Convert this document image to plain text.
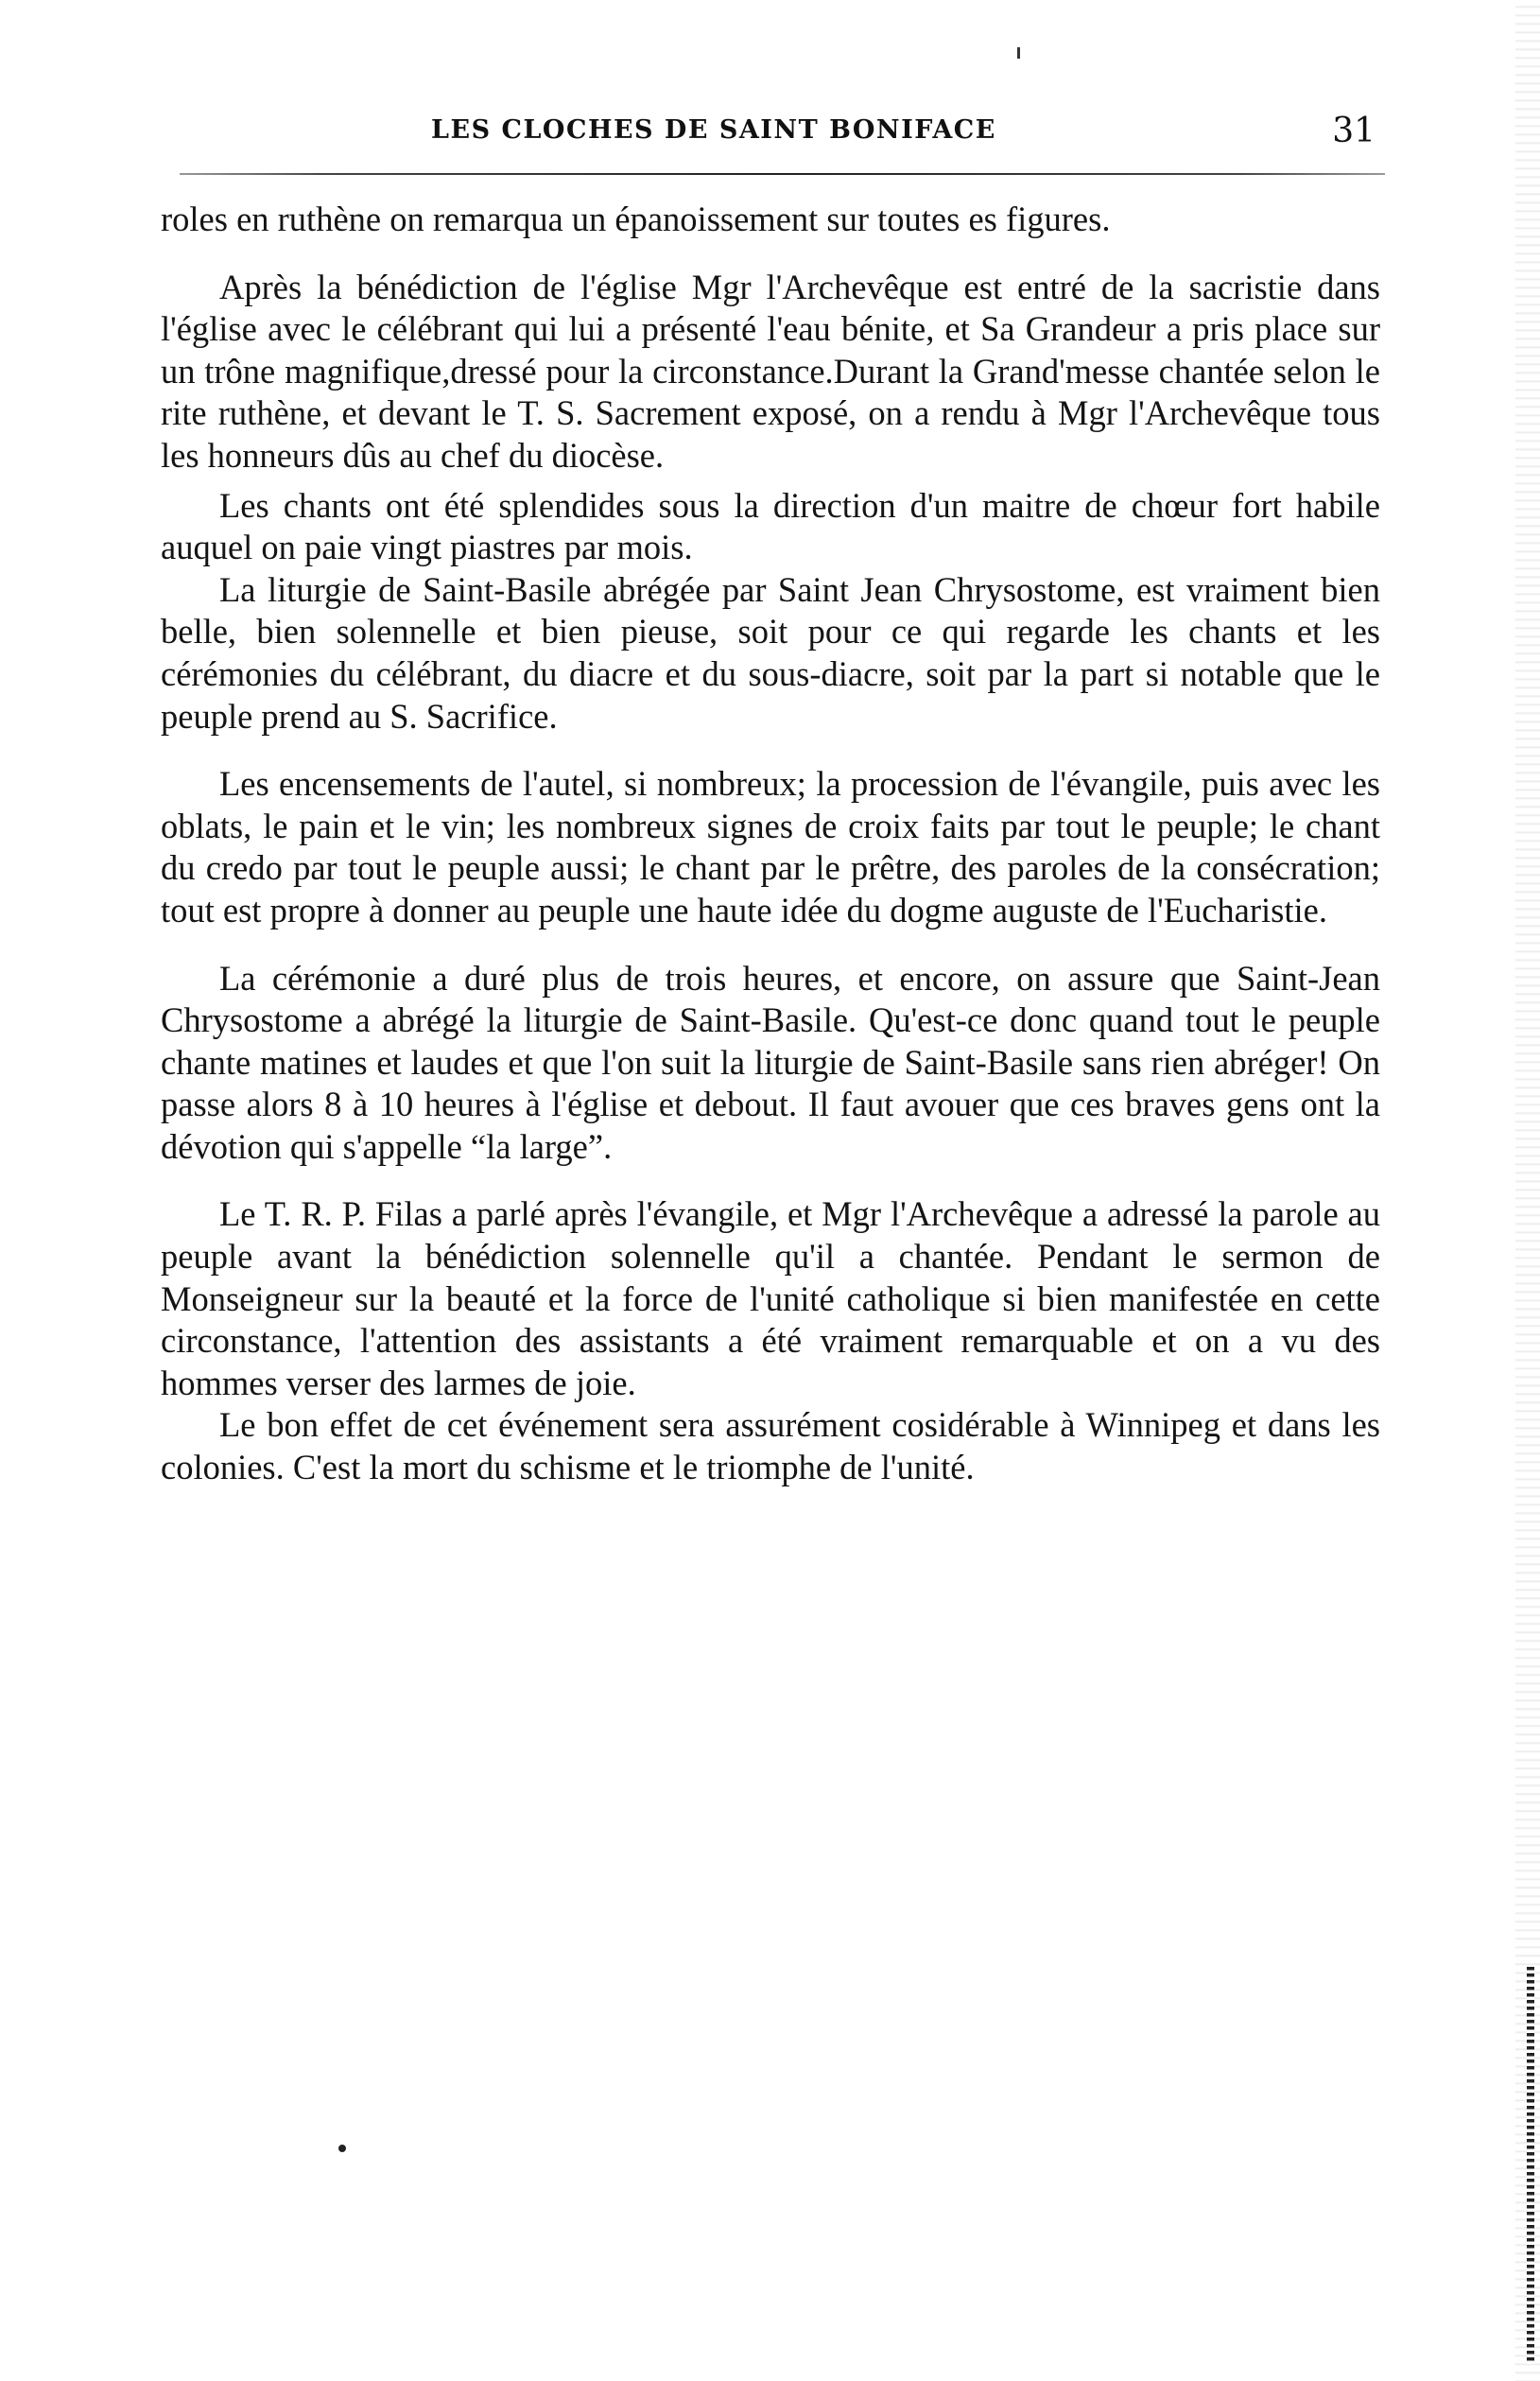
LES CLOCHES DE SAINT BONIFACE	31

roles en ruthène on remarqua un épanoissement sur toutes es figures.

Après la bénédiction de l'église Mgr l'Archevêque est entré de la sacristie dans l'église avec le célébrant qui lui a présenté l'eau bénite, et Sa Grandeur a pris place sur un trône magnifique,dressé pour la circonstance.Durant la Grand'messe chantée selon le rite ruthène, et devant le T. S. Sacrement exposé, on a rendu à Mgr l'Archevêque tous les honneurs dûs au chef du diocèse.

Les chants ont été splendides sous la direction d'un maitre de chœur fort habile auquel on paie vingt piastres par mois.

La liturgie de Saint-Basile abrégée par Saint Jean Chrysostome, est vraiment bien belle, bien solennelle et bien pieuse, soit pour ce qui regarde les chants et les cérémonies du célébrant, du diacre et du sous-diacre, soit par la part si notable que le peuple prend au S. Sacrifice.

Les encensements de l'autel, si nombreux; la procession de l'évangile, puis avec les oblats, le pain et le vin; les nombreux signes de croix faits par tout le peuple; le chant du credo par tout le peuple aussi; le chant par le prêtre, des paroles de la consécration; tout est propre à donner au peuple une haute idée du dogme auguste de l'Eucharistie.

La cérémonie a duré plus de trois heures, et encore, on assure que Saint-Jean Chrysostome a abrégé la liturgie de Saint-Basile. Qu'est-ce donc quand tout le peuple chante matines et laudes et que l'on suit la liturgie de Saint-Basile sans rien abréger! On passe alors 8 à 10 heures à l'église et debout. Il faut avouer que ces braves gens ont la dévotion qui s'appelle “la large”.

Le T. R. P. Filas a parlé après l'évangile, et Mgr l'Archevêque a adressé la parole au peuple avant la bénédiction solennelle qu'il a chantée. Pendant le sermon de Monseigneur sur la beauté et la force de l'unité catholique si bien manifestée en cette circonstance, l'attention des assistants a été vraiment remarquable et on a vu des hommes verser des larmes de joie.

Le bon effet de cet événement sera assurément cosidérable à Winnipeg et dans les colonies. C'est la mort du schisme et le triomphe de l'unité.
